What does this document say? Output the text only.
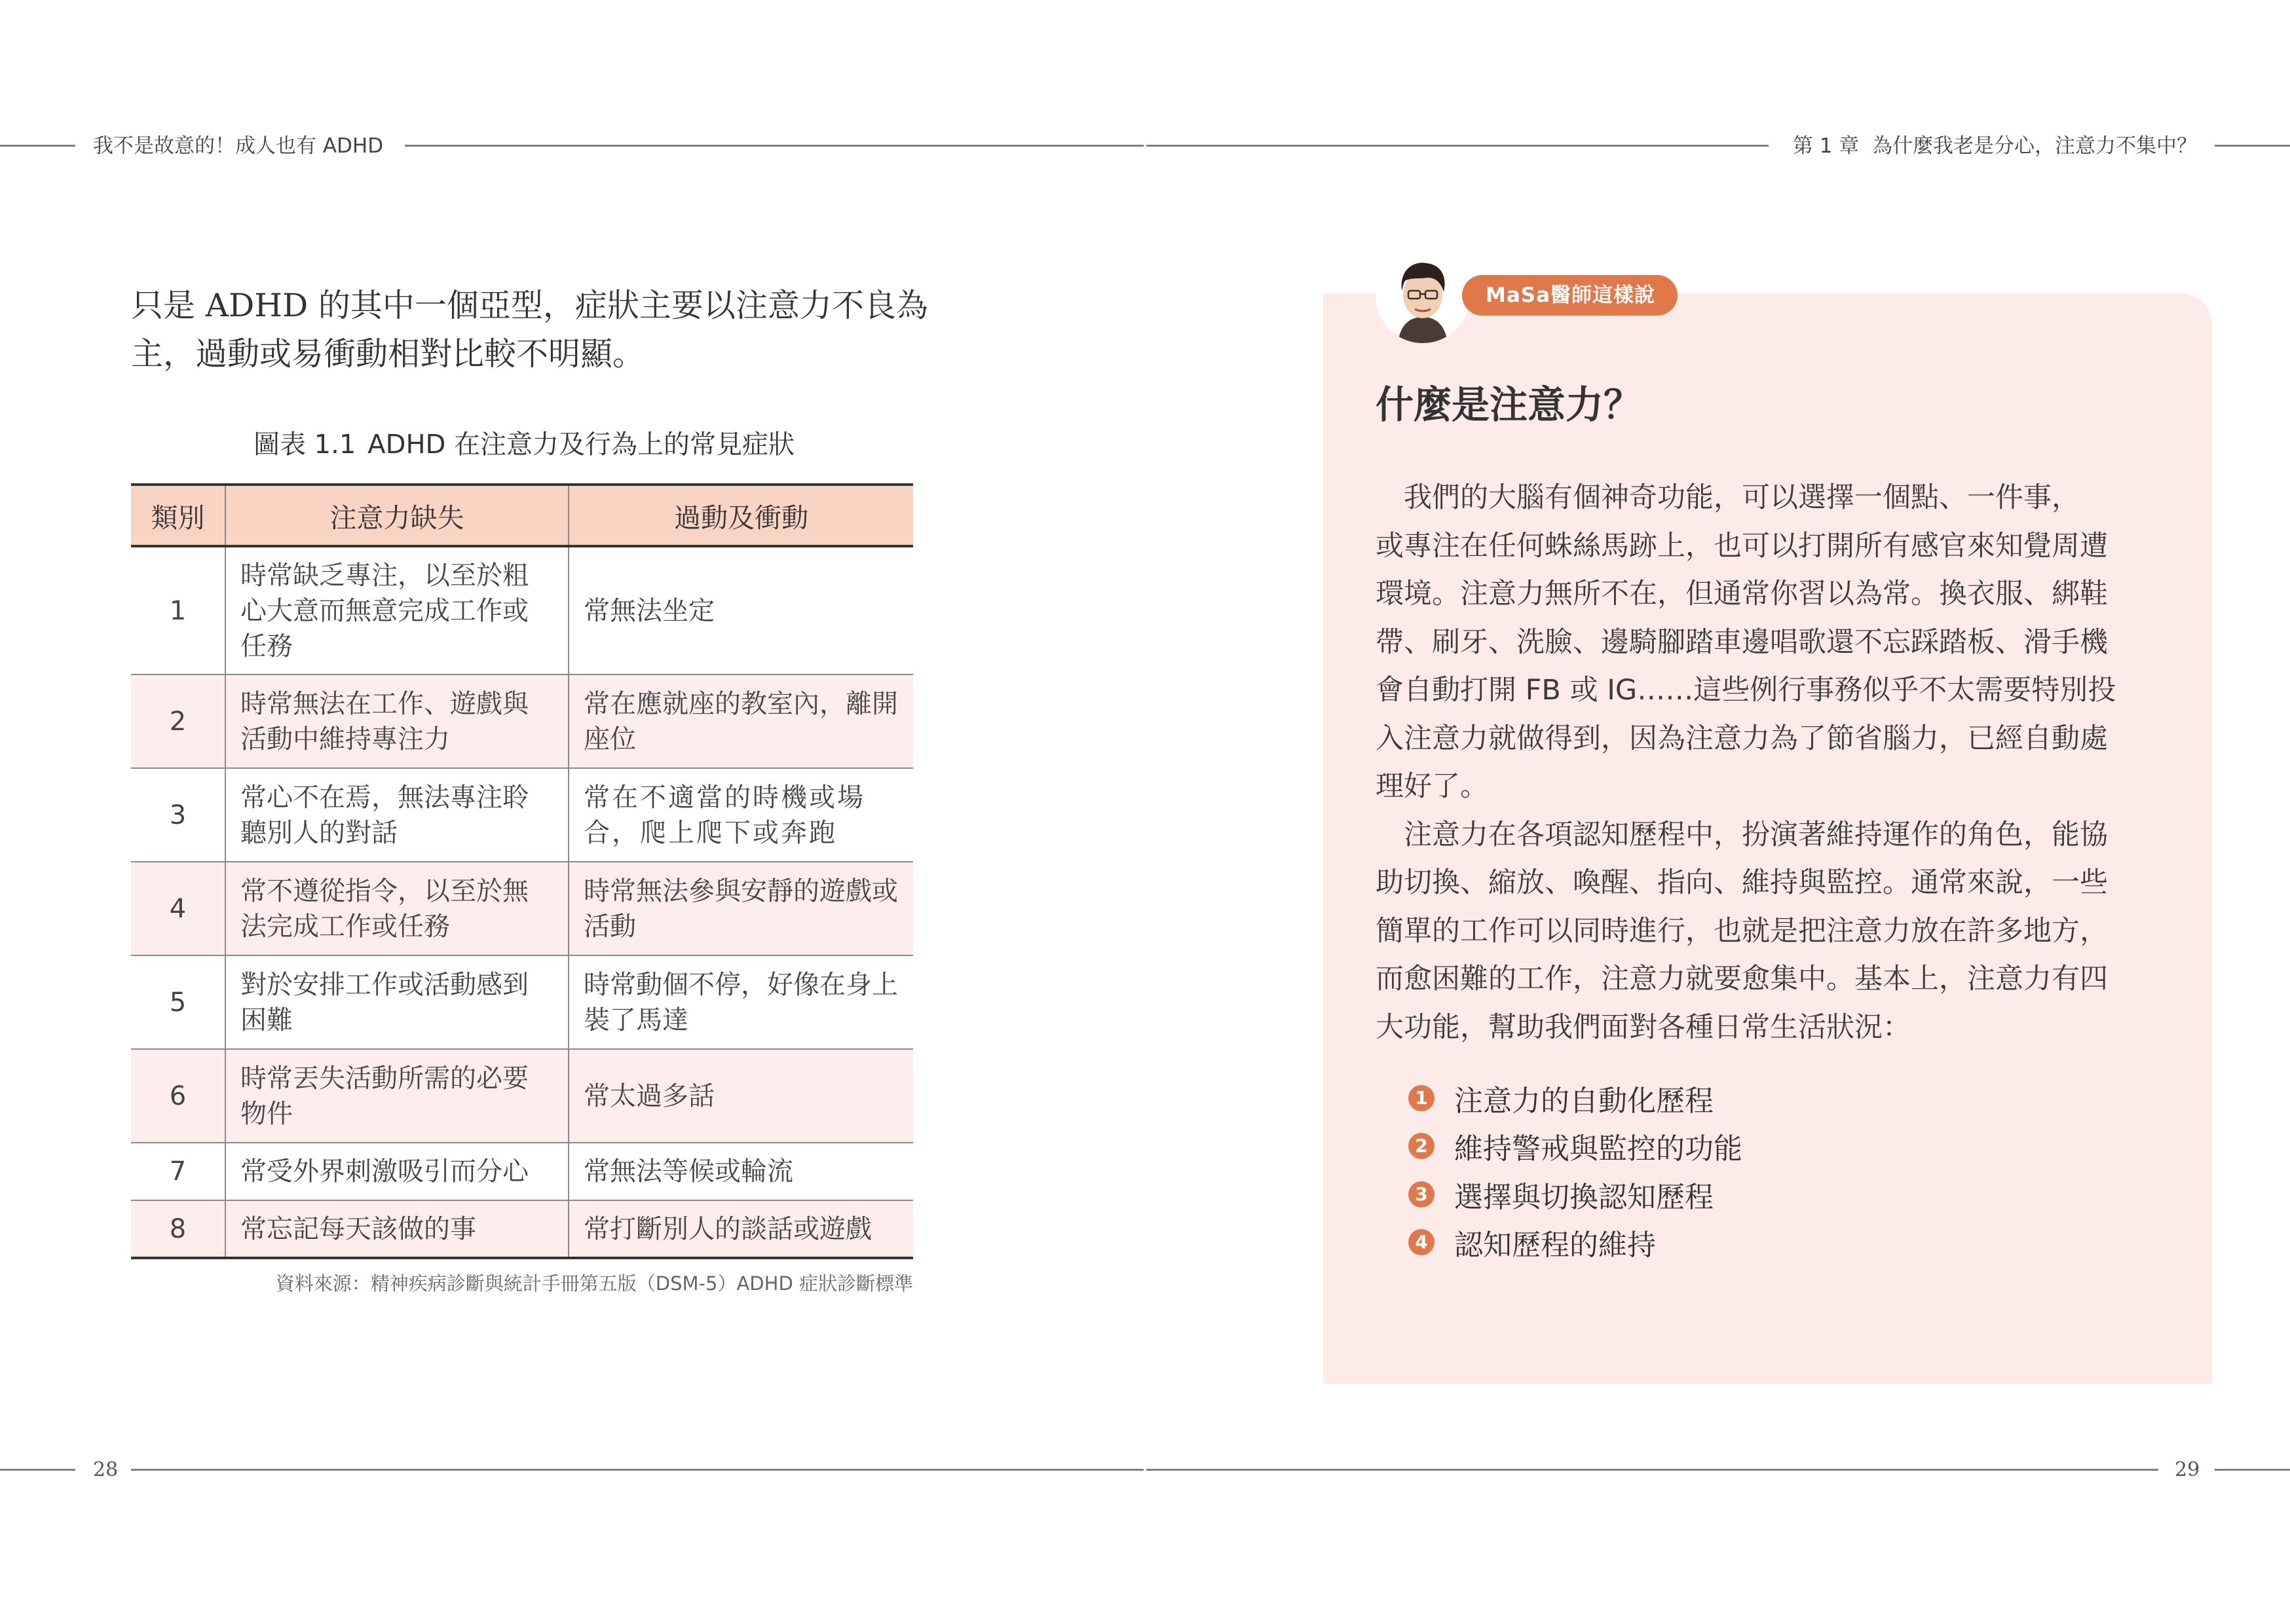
我不是故意的！成人也有 ADHD	第 1 章  為什麼我老是分心，注意力不集中？

只是 ADHD 的其中一個亞型，症狀主要以注意力不良為

主，過動或易衝動相對比較不明顯。

圖表 1.1 ADHD 在注意力及行為上的常見症狀
類別	注意力缺失	過動及衝動
1	時常缺乏專注，以至於粗心大意而無意完成工作或任務	常無法坐定
2	時常無法在工作、遊戲與活動中維持專注力	常在應就座的教室內，離開座位
3	常心不在焉，無法專注聆聽別人的對話	常在不適當的時機或場合，爬上爬下或奔跑
4	常不遵從指令，以至於無法完成工作或任務	時常無法參與安靜的遊戲或活動
5	對於安排工作或活動感到困難	時常動個不停，好像在身上裝了馬達
6	時常丟失活動所需的必要物件	常太過多話
7	常受外界刺激吸引而分心	常無法等候或輪流
8	常忘記每天該做的事	常打斷別人的談話或遊戲
資料來源：精神疾病診斷與統計手冊第五版（DSM-5）ADHD 症狀診斷標準
MaSa醫師這樣說
什麼是注意力？

　我們的大腦有個神奇功能，可以選擇一個點、一件事，

或專注在任何蛛絲馬跡上，也可以打開所有感官來知覺周遭

環境。注意力無所不在，但通常你習以為常。換衣服、綁鞋

帶、刷牙、洗臉、邊騎腳踏車邊唱歌還不忘踩踏板、滑手機

會自動打開 FB 或 IG……這些例行事務似乎不太需要特別投

入注意力就做得到，因為注意力為了節省腦力，已經自動處

理好了。

　注意力在各項認知歷程中，扮演著維持運作的角色，能協

助切換、縮放、喚醒、指向、維持與監控。通常來說，一些

簡單的工作可以同時進行，也就是把注意力放在許多地方，

而愈困難的工作，注意力就要愈集中。基本上，注意力有四

大功能，幫助我們面對各種日常生活狀況：

1 注意力的自動化歷程
2 維持警戒與監控的功能
3 選擇與切換認知歷程
4 認知歷程的維持
28	29
